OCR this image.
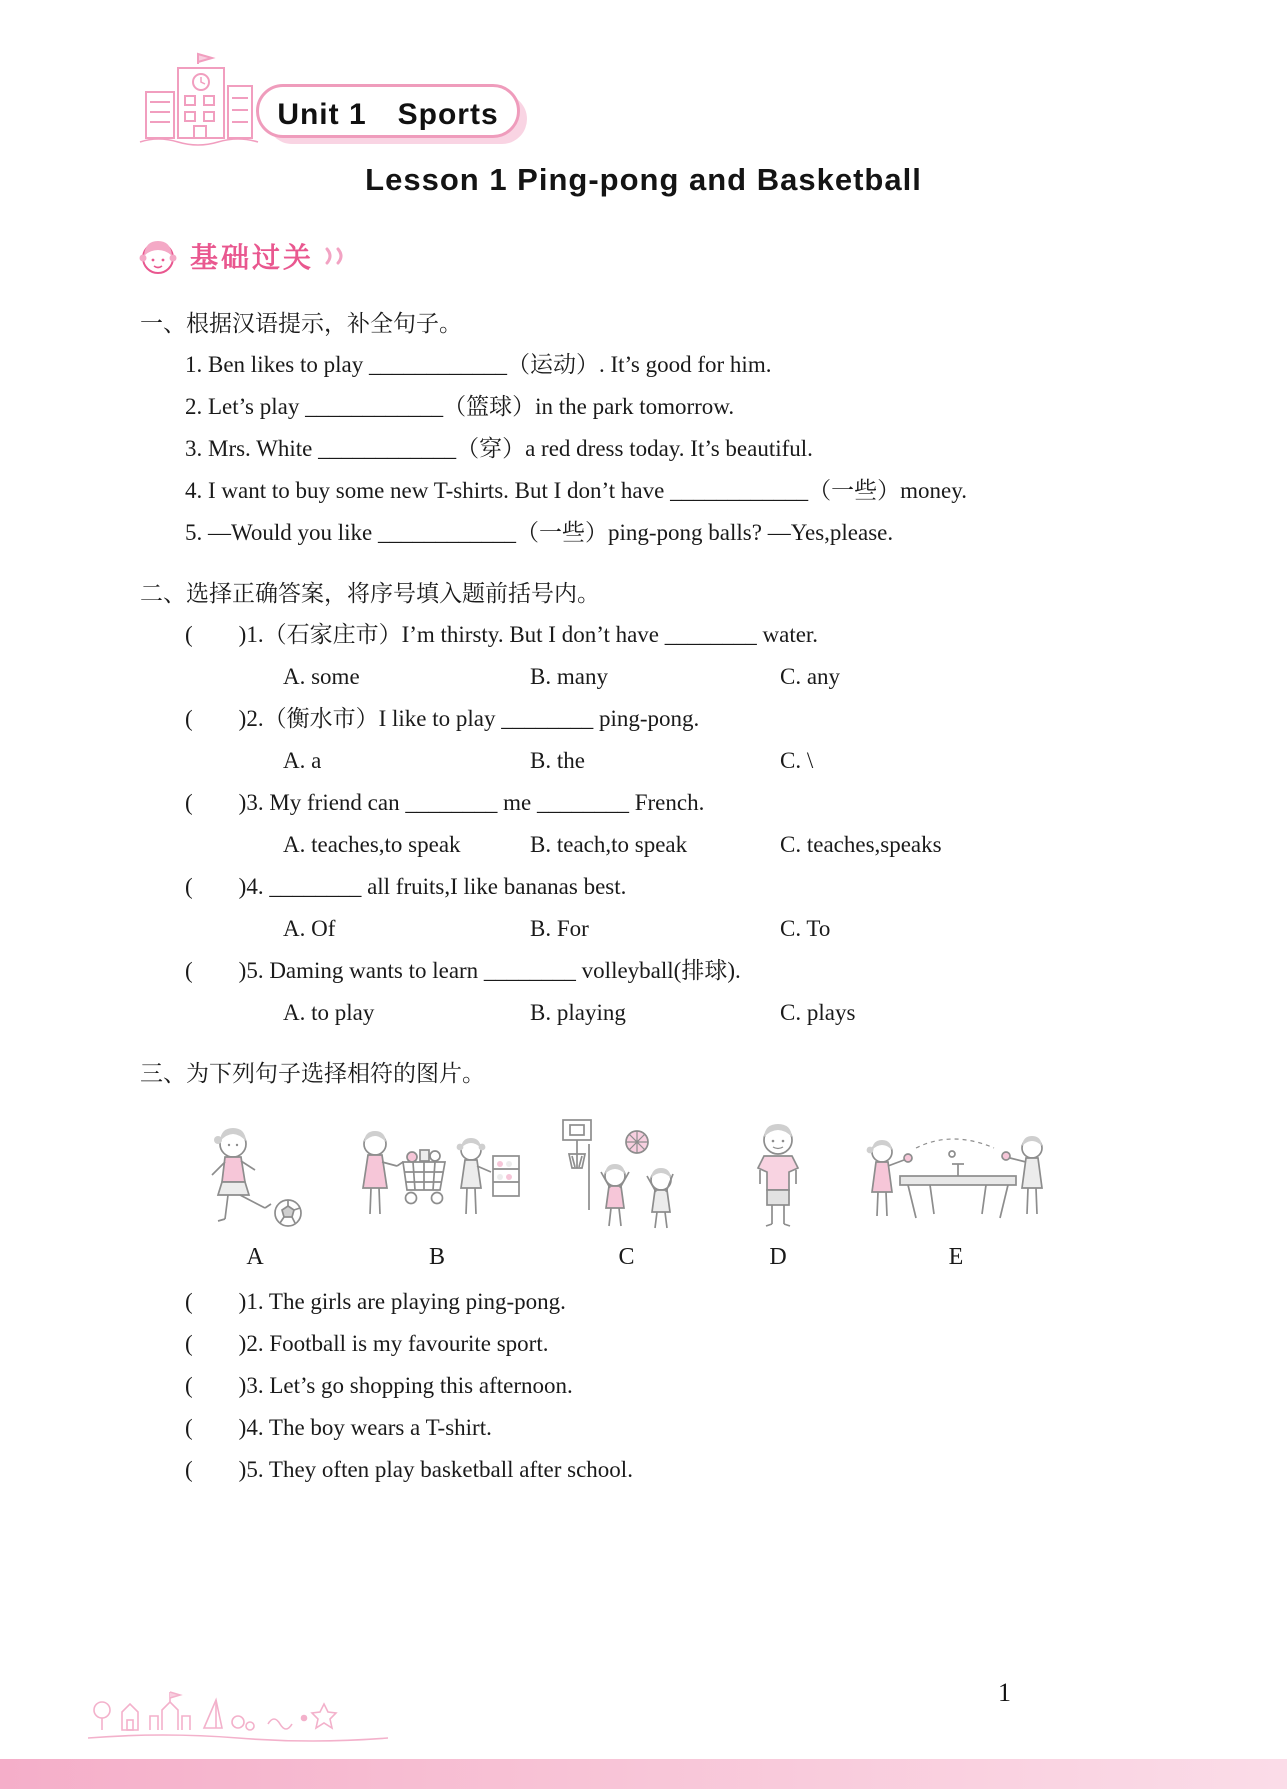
Unit 1　Sports
Lesson 1 Ping-pong and Basketball
基础过关
一、根据汉语提示，补全句子。
1. Ben likes to play ____________（运动）. It’s good for him.
2. Let’s play ____________（篮球）in the park tomorrow.
3. Mrs. White ____________（穿）a red dress today. It’s beautiful.
4. I want to buy some new T-shirts. But I don’t have ____________（一些）money.
5. —Would you like ____________（一些）ping-pong balls? —Yes,please.
二、选择正确答案，将序号填入题前括号内。
(　　)1.（石家庄市）I’m thirsty. But I don’t have ________ water.
A. some	B. many	C. any
(　　)2.（衡水市）I like to play ________ ping-pong.
A. a	B. the	C. \
(　　)3. My friend can ________ me ________ French.
A. teaches,to speak	B. teach,to speak	C. teaches,speaks
(　　)4. ________ all fruits,I like bananas best.
A. Of	B. For	C. To
(　　)5. Daming wants to learn ________ volleyball(排球).
A. to play	B. playing	C. plays
三、为下列句子选择相符的图片。
A	B	C	D	E
(　　)1. The girls are playing ping-pong.
(　　)2. Football is my favourite sport.
(　　)3. Let’s go shopping this afternoon.
(　　)4. The boy wears a T-shirt.
(　　)5. They often play basketball after school.
1
